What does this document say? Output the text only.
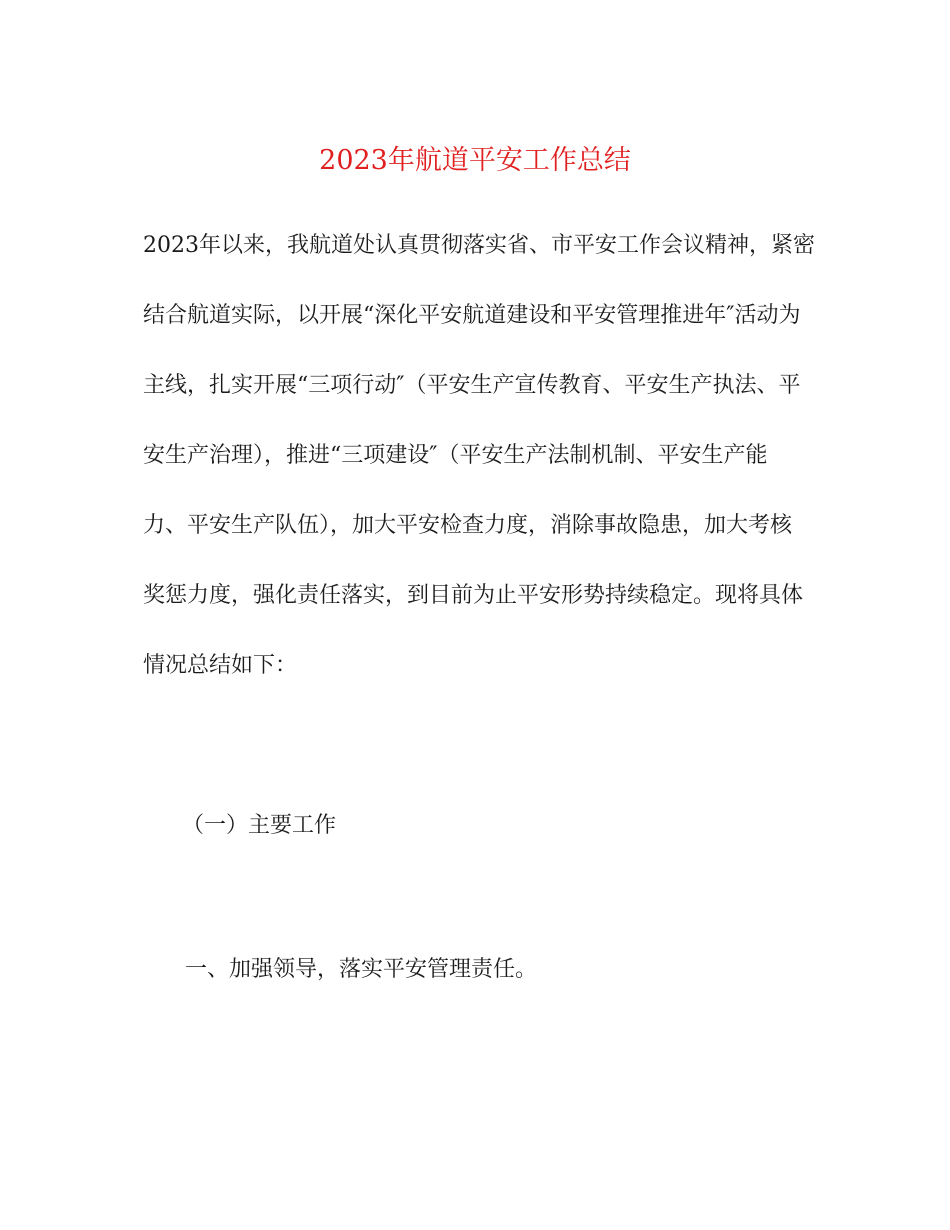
2023年航道平安工作总结
2023年以来，我航道处认真贯彻落实省、市平安工作会议精神，紧密
结合航道实际，以开展“深化平安航道建设和平安管理推进年″活动为
主线，扎实开展“三项行动″（平安生产宣传教育、平安生产执法、平
安生产治理），推进“三项建设″（平安生产法制机制、平安生产能
力、平安生产队伍），加大平安检查力度，消除事故隐患，加大考核
奖惩力度，强化责任落实，到目前为止平安形势持续稳定。现将具体
情况总结如下：
（一）主要工作
一、加强领导，落实平安管理责任。
